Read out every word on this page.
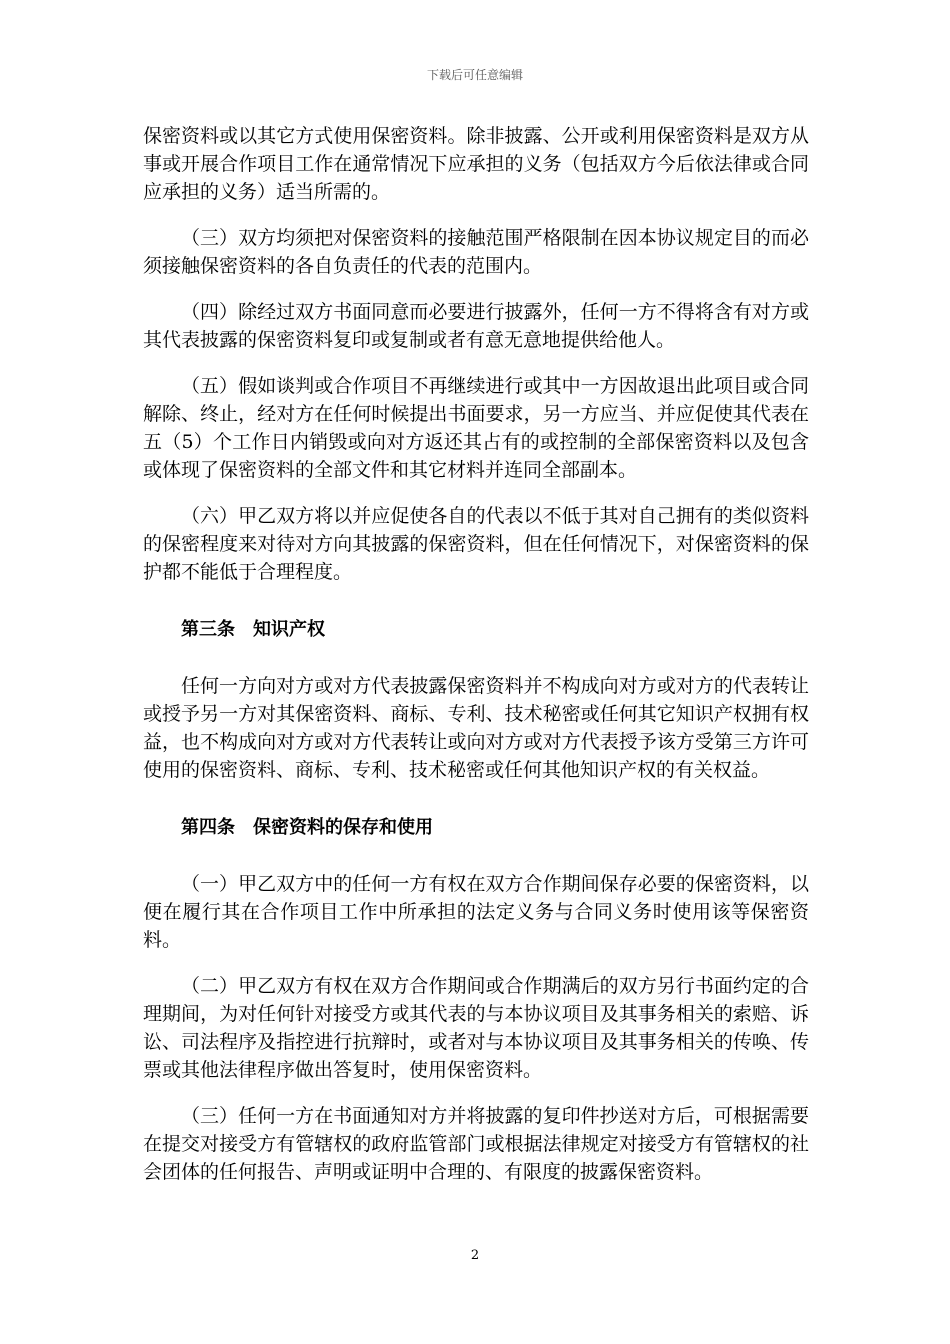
下载后可任意编辑

保密资料或以其它方式使用保密资料。除非披露、公开或利用保密资料是双方从事或开展合作项目工作在通常情况下应承担的义务（包括双方今后依法律或合同应承担的义务）适当所需的。

（三）双方均须把对保密资料的接触范围严格限制在因本协议规定目的而必须接触保密资料的各自负责任的代表的范围内。

（四）除经过双方书面同意而必要进行披露外，任何一方不得将含有对方或其代表披露的保密资料复印或复制或者有意无意地提供给他人。

（五）假如谈判或合作项目不再继续进行或其中一方因故退出此项目或合同解除、终止，经对方在任何时候提出书面要求，另一方应当、并应促使其代表在五（5）个工作日内销毁或向对方返还其占有的或控制的全部保密资料以及包含或体现了保密资料的全部文件和其它材料并连同全部副本。

（六）甲乙双方将以并应促使各自的代表以不低于其对自己拥有的类似资料的保密程度来对待对方向其披露的保密资料，但在任何情况下，对保密资料的保护都不能低于合理程度。

第三条 知识产权

任何一方向对方或对方代表披露保密资料并不构成向对方或对方的代表转让或授予另一方对其保密资料、商标、专利、技术秘密或任何其它知识产权拥有权益，也不构成向对方或对方代表转让或向对方或对方代表授予该方受第三方许可使用的保密资料、商标、专利、技术秘密或任何其他知识产权的有关权益。

第四条 保密资料的保存和使用

（一）甲乙双方中的任何一方有权在双方合作期间保存必要的保密资料，以便在履行其在合作项目工作中所承担的法定义务与合同义务时使用该等保密资料。

（二）甲乙双方有权在双方合作期间或合作期满后的双方另行书面约定的合理期间，为对任何针对接受方或其代表的与本协议项目及其事务相关的索赔、诉讼、司法程序及指控进行抗辩时，或者对与本协议项目及其事务相关的传唤、传票或其他法律程序做出答复时，使用保密资料。

（三）任何一方在书面通知对方并将披露的复印件抄送对方后，可根据需要在提交对接受方有管辖权的政府监管部门或根据法律规定对接受方有管辖权的社会团体的任何报告、声明或证明中合理的、有限度的披露保密资料。

2
